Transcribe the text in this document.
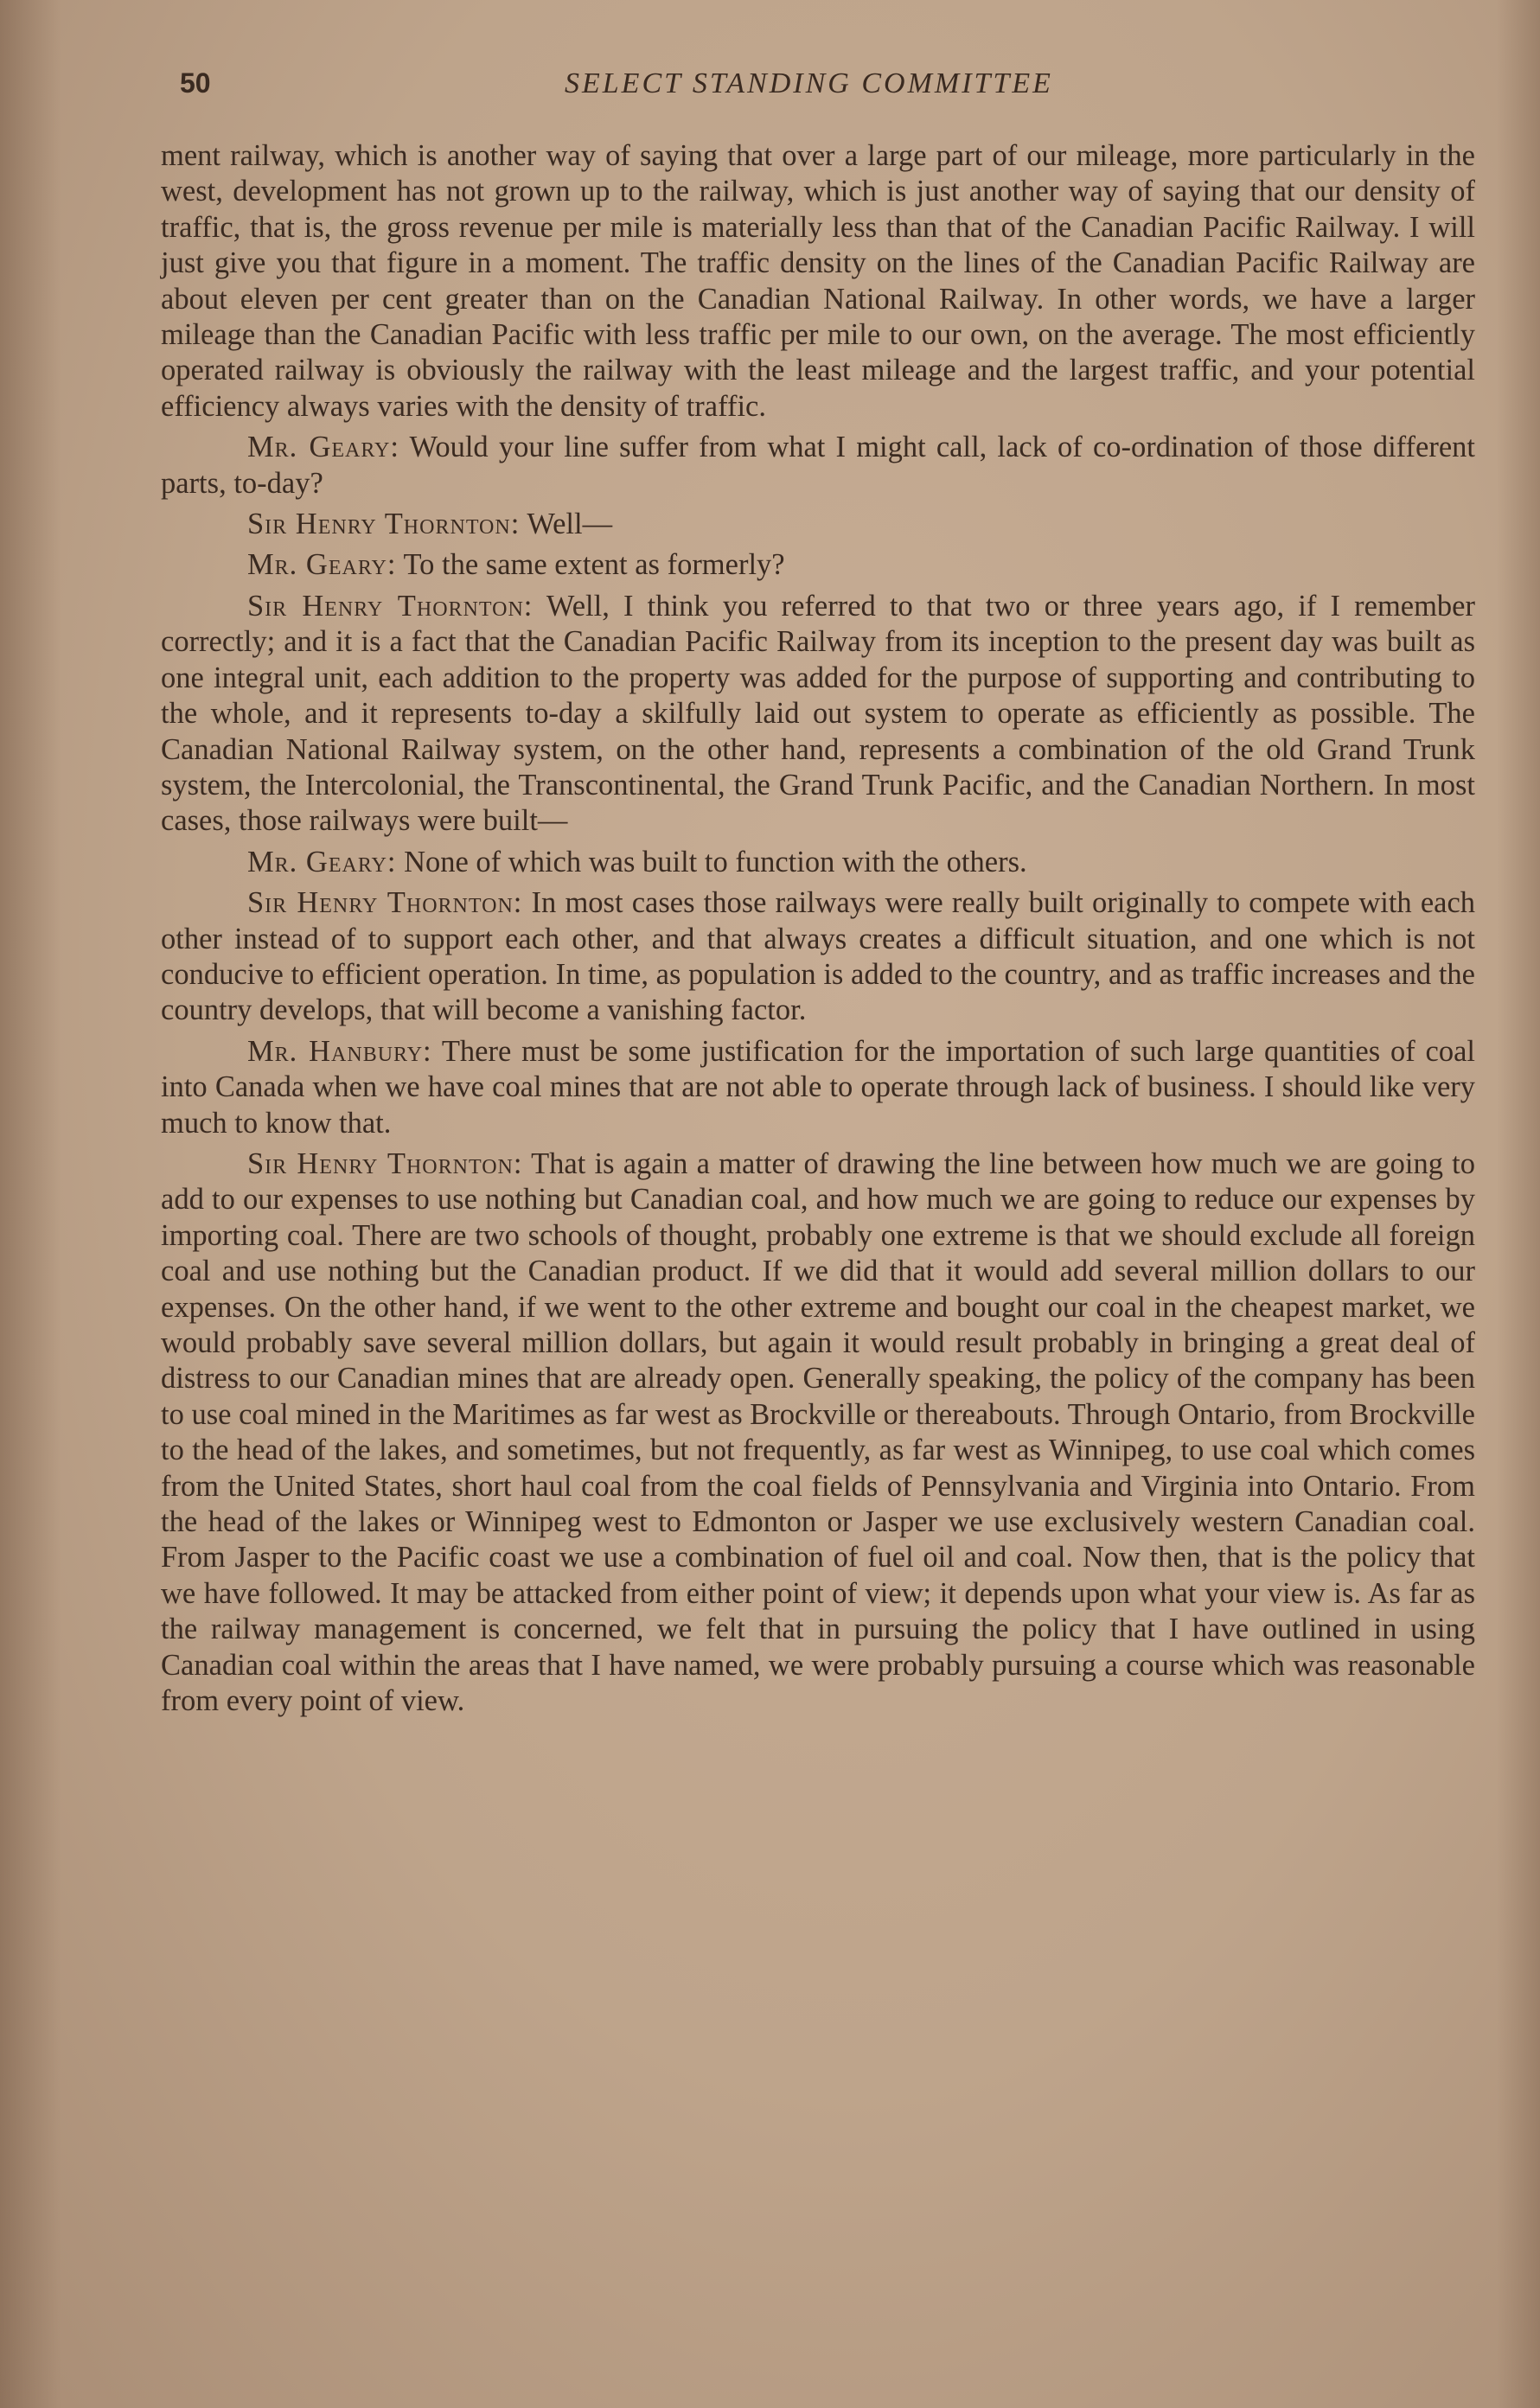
50	SELECT STANDING COMMITTEE

ment railway, which is another way of saying that over a large part of our mileage, more particularly in the west, development has not grown up to the railway, which is just another way of saying that our density of traffic, that is, the gross revenue per mile is materially less than that of the Canadian Pacific Railway. I will just give you that figure in a moment. The traffic density on the lines of the Canadian Pacific Railway are about eleven per cent greater than on the Canadian National Railway. In other words, we have a larger mileage than the Canadian Pacific with less traffic per mile to our own, on the average. The most efficiently operated railway is obviously the railway with the least mileage and the largest traffic, and your potential efficiency always varies with the density of traffic.

Mr. Geary: Would your line suffer from what I might call, lack of co-ordination of those different parts, to-day?

Sir Henry Thornton: Well—

Mr. Geary: To the same extent as formerly?

Sir Henry Thornton: Well, I think you referred to that two or three years ago, if I remember correctly; and it is a fact that the Canadian Pacific Railway from its inception to the present day was built as one integral unit, each addition to the property was added for the purpose of supporting and contributing to the whole, and it represents to-day a skilfully laid out system to operate as efficiently as possible. The Canadian National Railway system, on the other hand, represents a combination of the old Grand Trunk system, the Intercolonial, the Transcontinental, the Grand Trunk Pacific, and the Canadian Northern. In most cases, those railways were built—

Mr. Geary: None of which was built to function with the others.

Sir Henry Thornton: In most cases those railways were really built originally to compete with each other instead of to support each other, and that always creates a difficult situation, and one which is not conducive to efficient operation. In time, as population is added to the country, and as traffic increases and the country develops, that will become a vanishing factor.

Mr. Hanbury: There must be some justification for the importation of such large quantities of coal into Canada when we have coal mines that are not able to operate through lack of business. I should like very much to know that.

Sir Henry Thornton: That is again a matter of drawing the line between how much we are going to add to our expenses to use nothing but Canadian coal, and how much we are going to reduce our expenses by importing coal. There are two schools of thought, probably one extreme is that we should exclude all foreign coal and use nothing but the Canadian product. If we did that it would add several million dollars to our expenses. On the other hand, if we went to the other extreme and bought our coal in the cheapest market, we would probably save several million dollars, but again it would result probably in bringing a great deal of distress to our Canadian mines that are already open. Generally speaking, the policy of the company has been to use coal mined in the Maritimes as far west as Brockville or thereabouts. Through Ontario, from Brockville to the head of the lakes, and sometimes, but not frequently, as far west as Winnipeg, to use coal which comes from the United States, short haul coal from the coal fields of Pennsylvania and Virginia into Ontario. From the head of the lakes or Winnipeg west to Edmonton or Jasper we use exclusively western Canadian coal. From Jasper to the Pacific coast we use a combination of fuel oil and coal. Now then, that is the policy that we have followed. It may be attacked from either point of view; it depends upon what your view is. As far as the railway management is concerned, we felt that in pursuing the policy that I have outlined in using Canadian coal within the areas that I have named, we were probably pursuing a course which was reasonable from every point of view.
